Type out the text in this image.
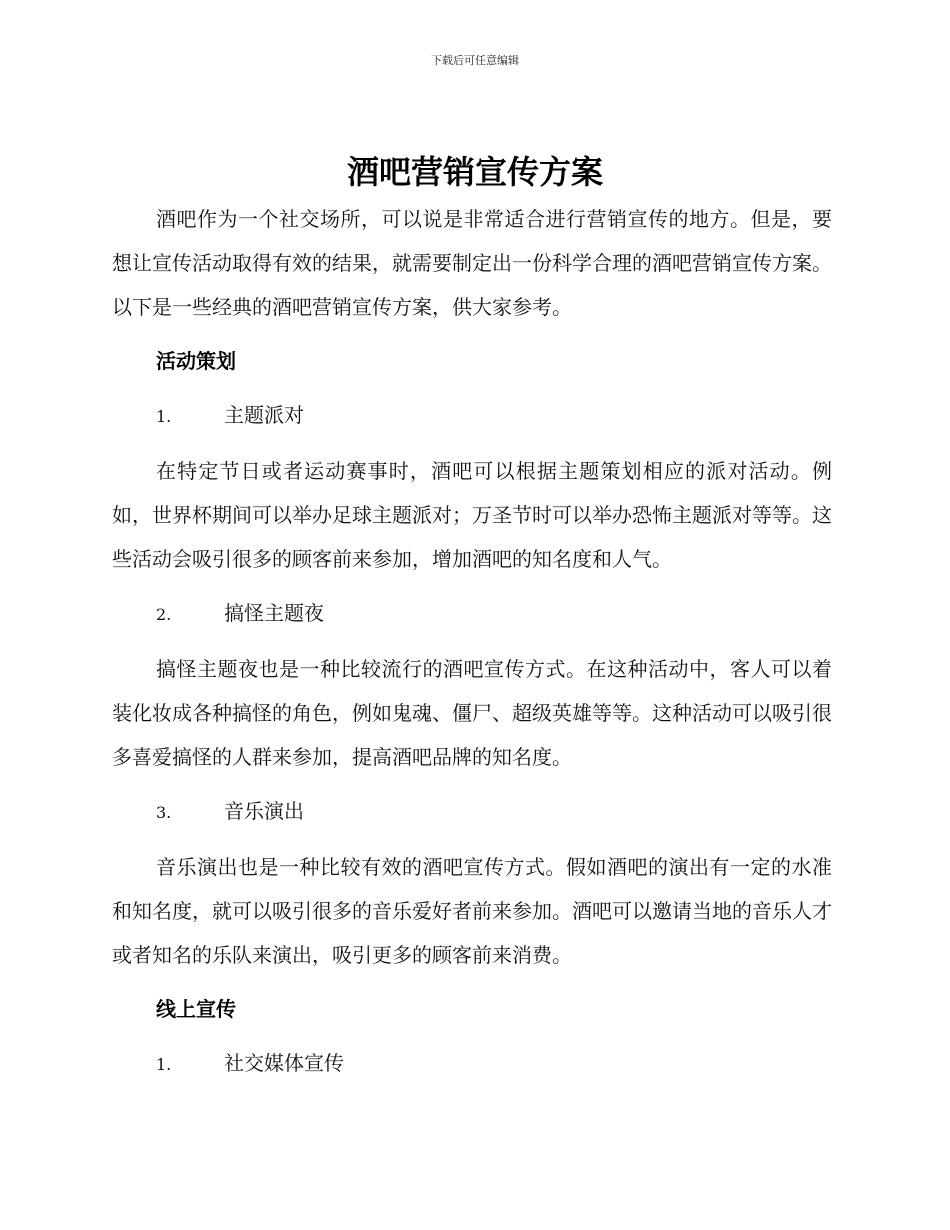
下载后可任意编辑
酒吧营销宣传方案

酒吧作为一个社交场所，可以说是非常适合进行营销宣传的地方。但是，要想让宣传活动取得有效的结果，就需要制定出一份科学合理的酒吧营销宣传方案。以下是一些经典的酒吧营销宣传方案，供大家参考。

活动策划
1.	主题派对

在特定节日或者运动赛事时，酒吧可以根据主题策划相应的派对活动。例如，世界杯期间可以举办足球主题派对；万圣节时可以举办恐怖主题派对等等。这些活动会吸引很多的顾客前来参加，增加酒吧的知名度和人气。

2.	搞怪主题夜

搞怪主题夜也是一种比较流行的酒吧宣传方式。在这种活动中，客人可以着装化妆成各种搞怪的角色，例如鬼魂、僵尸、超级英雄等等。这种活动可以吸引很多喜爱搞怪的人群来参加，提高酒吧品牌的知名度。

3.	音乐演出

音乐演出也是一种比较有效的酒吧宣传方式。假如酒吧的演出有一定的水准和知名度，就可以吸引很多的音乐爱好者前来参加。酒吧可以邀请当地的音乐人才或者知名的乐队来演出，吸引更多的顾客前来消费。

线上宣传
1.	社交媒体宣传
